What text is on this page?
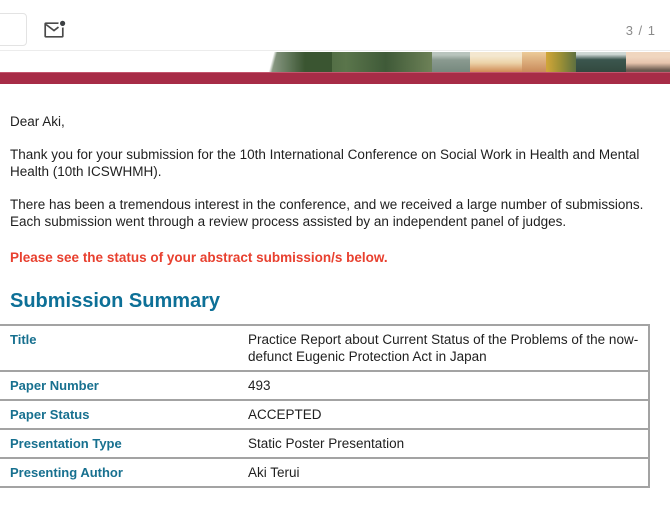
3 / 1

Dear Aki,

Thank you for your submission for the 10th International Conference on Social Work in Health and Mental Health (10th ICSWHMH).

There has been a tremendous interest in the conference, and we received a large number of submissions. Each submission went through a review process assisted by an independent panel of judges.

Please see the status of your abstract submission/s below.

Submission Summary
Title	Practice Report about Current Status of the Problems of the now-defunct Eugenic Protection Act in Japan
Paper Number	493
Paper Status	ACCEPTED
Presentation Type	Static Poster Presentation
Presenting Author	Aki Terui
